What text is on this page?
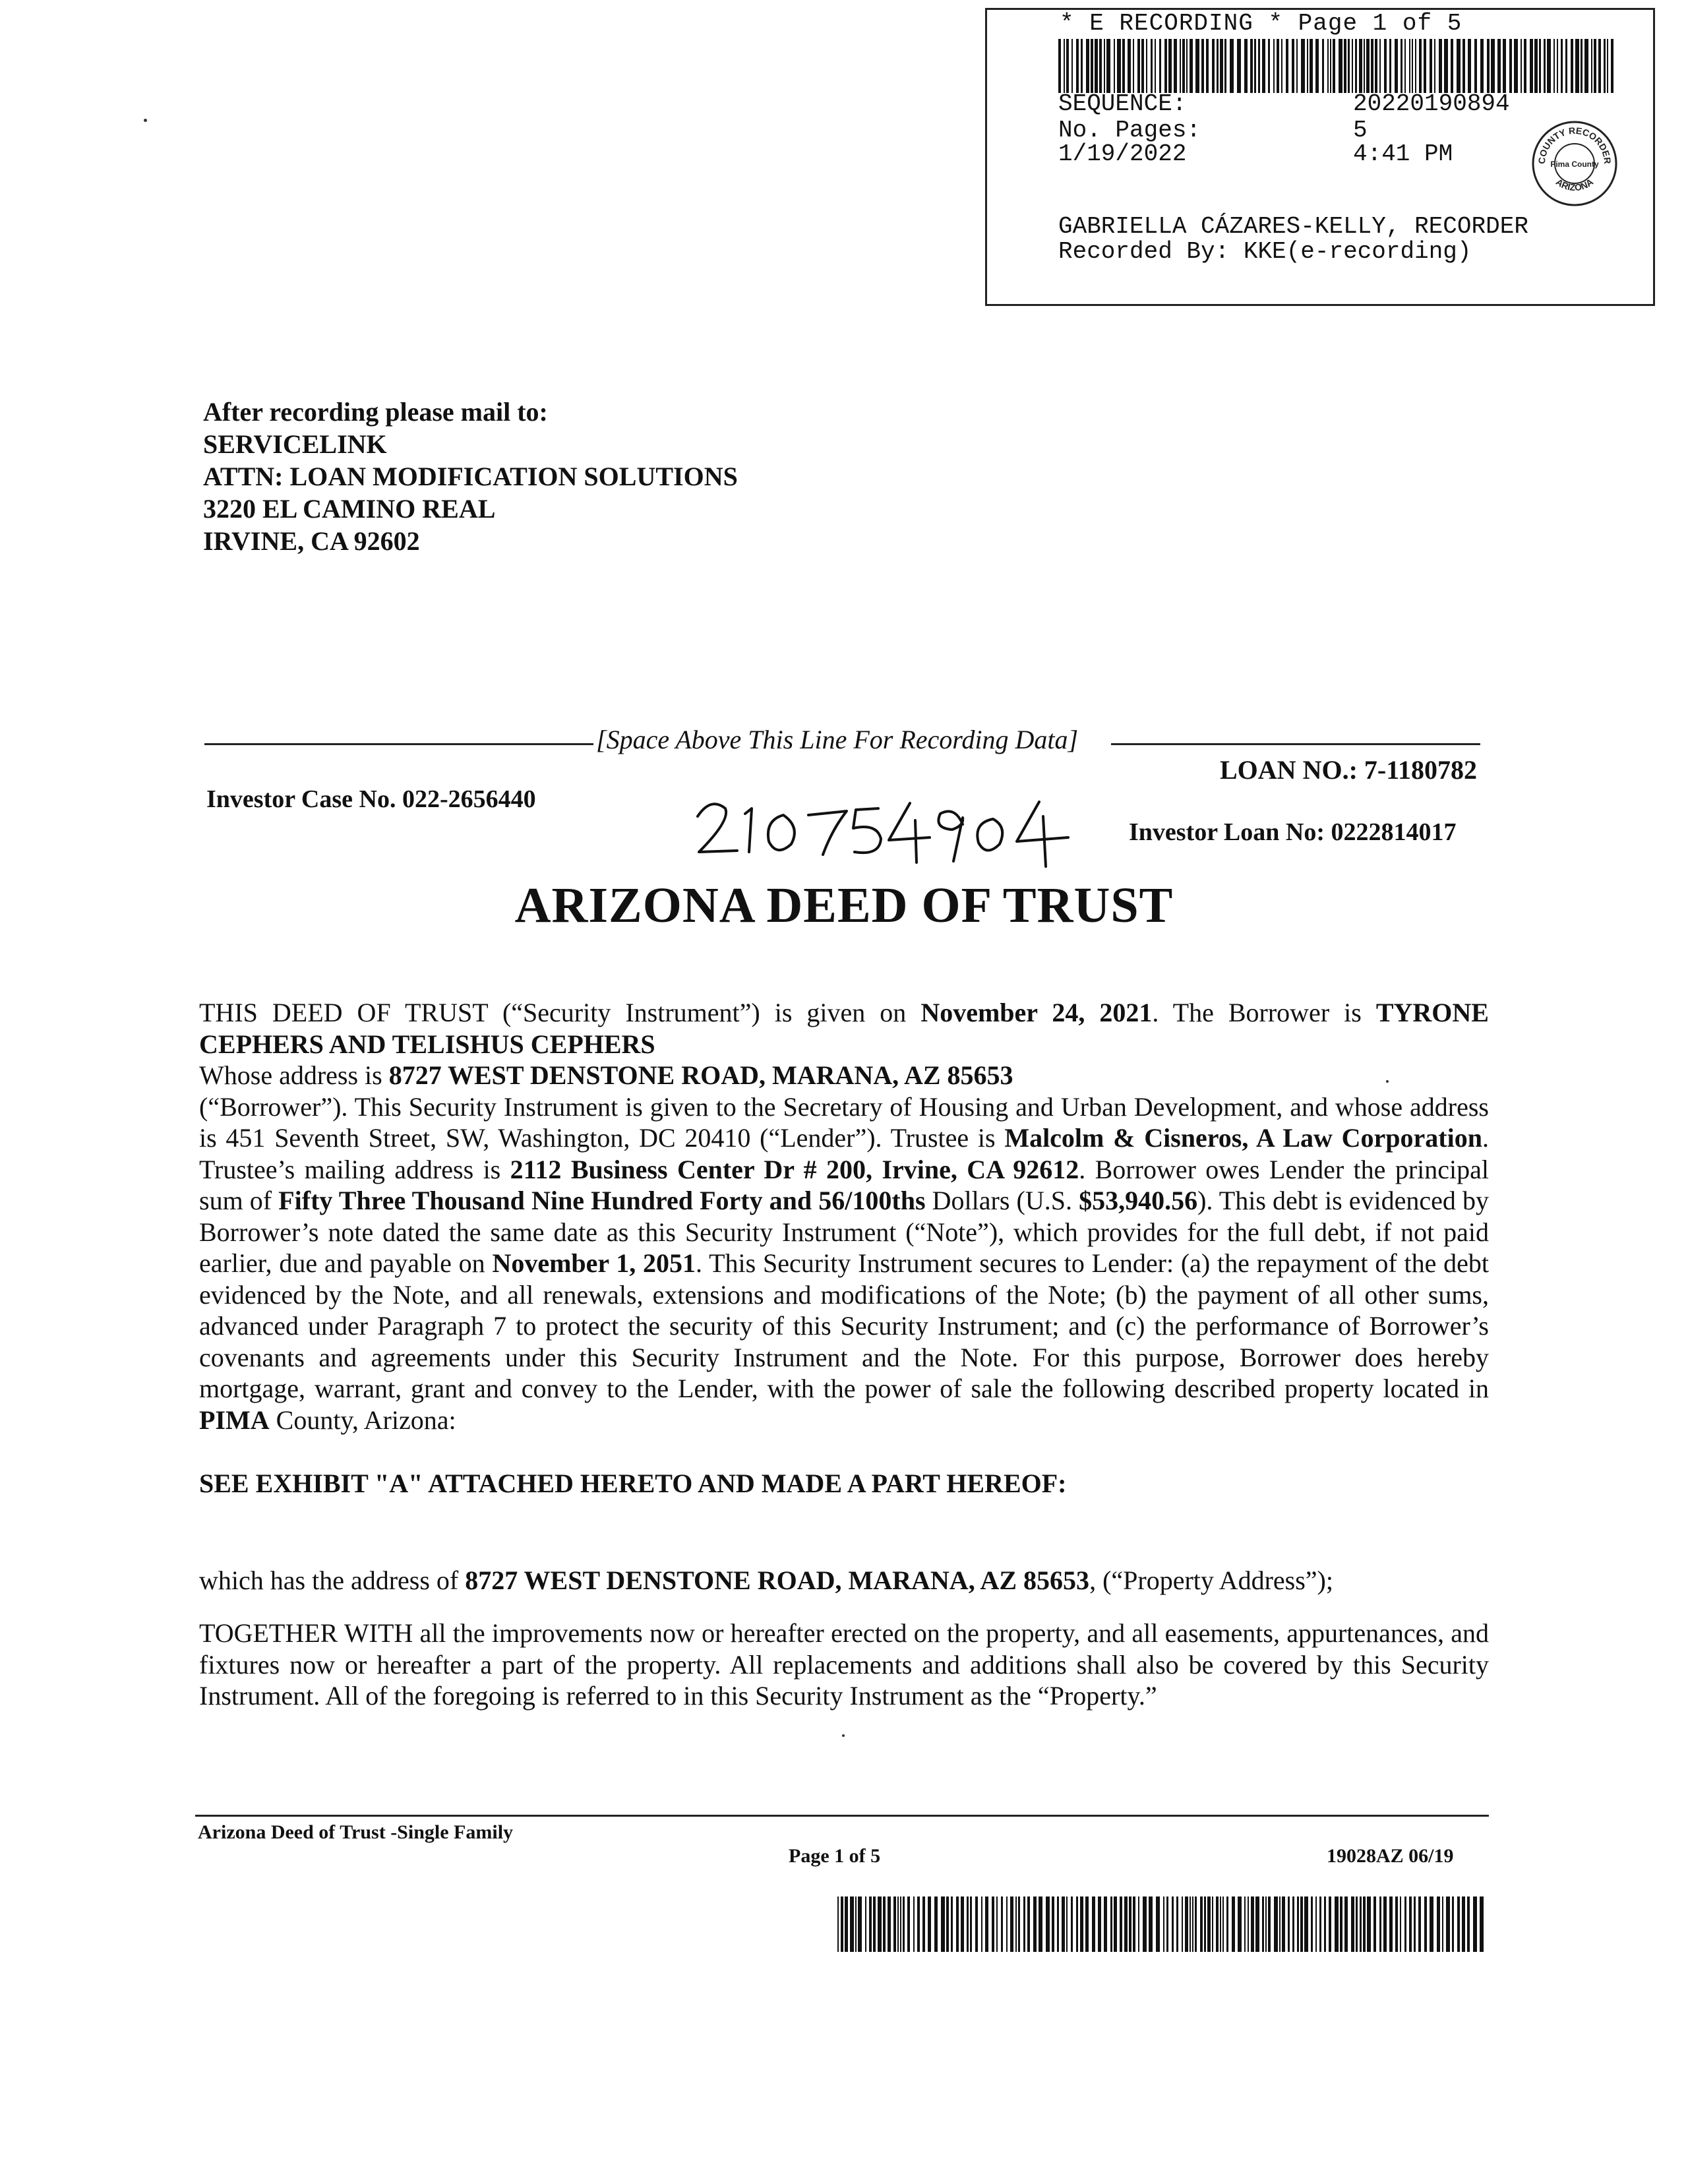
* E RECORDING * Page 1 of 5
SEQUENCE:	20220190894
No. Pages:	5
1/19/2022	4:41 PM	COUNTY RECORDER
ARIZONA
Pima County
GABRIELLA CÁZARES-KELLY, RECORDER
Recorded By: KKE(e-recording)
After recording please mail to:
SERVICELINK
ATTN: LOAN MODIFICATION SOLUTIONS
3220 EL CAMINO REAL
IRVINE, CA 92602
[Space Above This Line For Recording Data]
LOAN NO.: 7-1180782
Investor Case No. 022-2656440
Investor Loan No: 0222814017
ARIZONA DEED OF TRUST
THIS DEED OF TRUST (“Security Instrument”) is given on November 24, 2021. The Borrower is TYRONE CEPHERS AND TELISHUS CEPHERS
Whose address is 8727 WEST DENSTONE ROAD, MARANA, AZ 85653
(“Borrower”). This Security Instrument is given to the Secretary of Housing and Urban Development, and whose address is 451 Seventh Street, SW, Washington, DC 20410 (“Lender”). Trustee is Malcolm & Cisneros, A Law Corporation. Trustee’s mailing address is 2112 Business Center Dr # 200, Irvine, CA 92612. Borrower owes Lender the principal sum of Fifty Three Thousand Nine Hundred Forty and 56/100ths Dollars (U.S. $53,940.56). This debt is evidenced by Borrower’s note dated the same date as this Security Instrument (“Note”), which provides for the full debt, if not paid earlier, due and payable on November 1, 2051. This Security Instrument secures to Lender: (a) the repayment of the debt evidenced by the Note, and all renewals, extensions and modifications of the Note; (b) the payment of all other sums, advanced under Paragraph 7 to protect the security of this Security Instrument; and (c) the performance of Borrower’s covenants and agreements under this Security Instrument and the Note. For this purpose, Borrower does hereby mortgage, warrant, grant and convey to the Lender, with the power of sale the following described property located in PIMA County, Arizona:
SEE EXHIBIT "A" ATTACHED HERETO AND MADE A PART HEREOF:
which has the address of 8727 WEST DENSTONE ROAD, MARANA, AZ 85653, (“Property Address”);
TOGETHER WITH all the improvements now or hereafter erected on the property, and all easements, appurtenances, and fixtures now or hereafter a part of the property. All replacements and additions shall also be covered by this Security Instrument. All of the foregoing is referred to in this Security Instrument as the “Property.”
Arizona Deed of Trust -Single Family
Page 1 of 5	19028AZ 06/19
